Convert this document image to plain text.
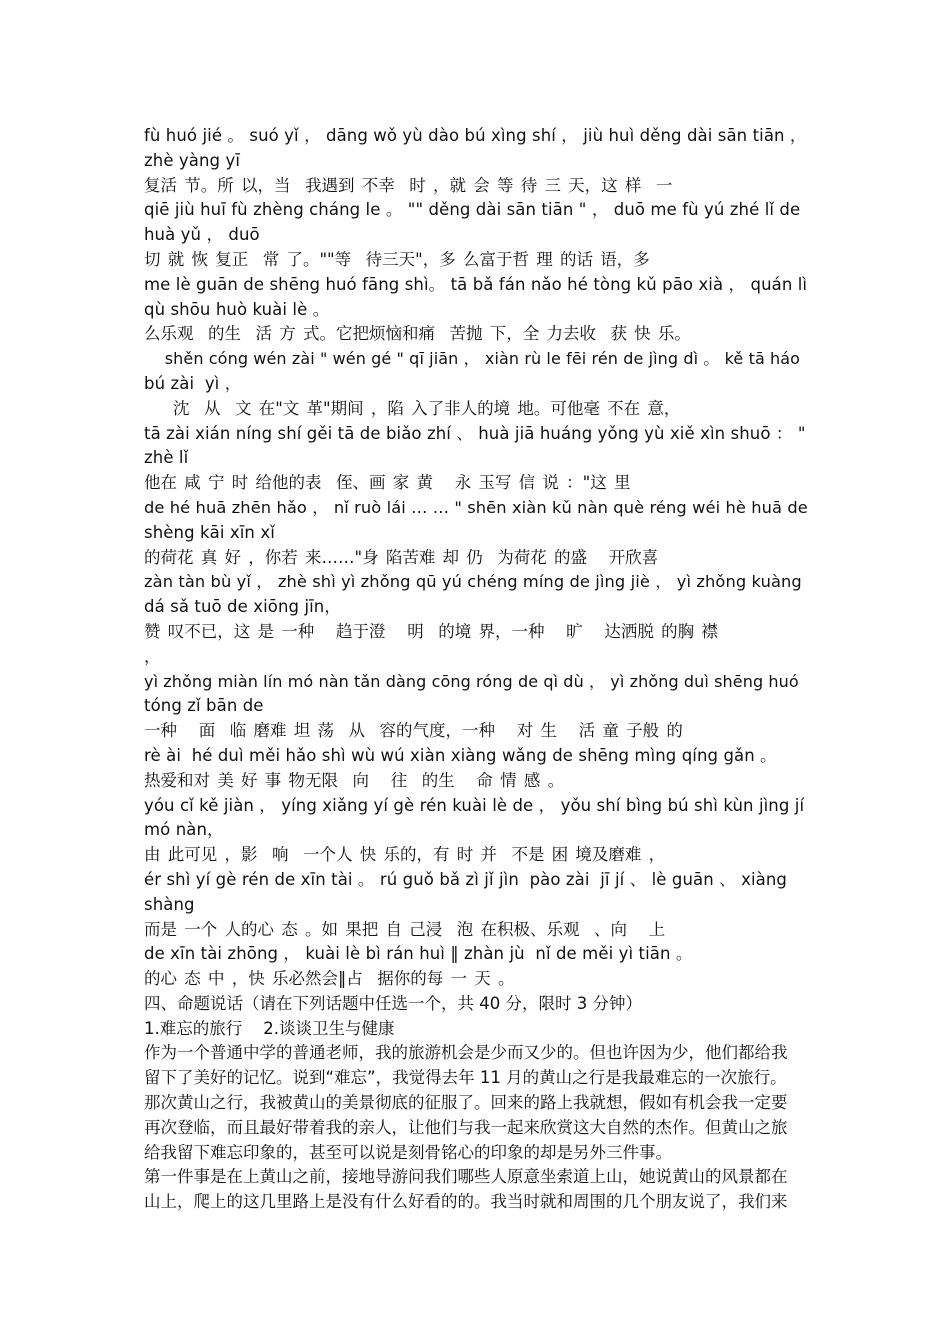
fù huó jié 。 suó yǐ ， dāng wǒ yù dào bú xìng shí ， jiù huì děng dài sān tiān ，
zhè yàng yī
复活 节。所 以，当  我遇到 不幸  时 ，就 会 等 待 三 天，这 样  一
qiē jiù huī fù zhèng cháng le 。 "" děng dài sān tiān " ， duō me fù yú zhé lǐ de
huà yǔ ， duō
切 就 恢 复正  常 了。""等  待三天"，多 么富于哲 理 的话 语，多
me lè guān de shēng huó fāng shì。 tā bǎ fán nǎo hé tòng kǔ pāo xià ， quán lì
qù shōu huò kuài lè 。
么乐观  的生  活 方 式。它把烦恼和痛  苦抛 下，全 力去收  获 快 乐。
shěn cóng wén zài " wén gé " qī jiān ， xiàn rù le fēi rén de jìng dì 。 kě tā háo
bú zài  yì ，
沈  从  文 在"文 革"期间 ，陷 入了非人的境 地。可他毫 不在 意，
tā zài xián níng shí gěi tā de biǎo zhí 、 huà jiā huáng yǒng yù xiě xìn shuō ： "
zhè lǐ
他在 咸 宁 时 给他的表  侄、画 家 黄   永 玉写 信 说 ："这 里
de hé huā zhēn hǎo ， nǐ ruò lái … … " shēn xiàn kǔ nàn què réng wéi hè huā de
shèng kāi xīn xǐ
的荷花 真 好 ，你若 来……"身 陷苦难 却 仍  为荷花 的盛   开欣喜
zàn tàn bù yǐ ， zhè shì yì zhǒng qū yú chéng míng de jìng jiè ， yì zhǒng kuàng
dá sǎ tuō de xiōng jīn，
赞 叹不已，这 是 一种   趋于澄   明  的境 界，一种   旷   达洒脱 的胸 襟
，
yì zhǒng miàn lín mó nàn tǎn dàng cōng róng de qì dù ， yì zhǒng duì shēng huó
tóng zǐ bān de
一种   面  临 磨难 坦 荡  从  容的气度，一种   对 生   活 童 子般 的
rè ài  hé duì měi hǎo shì wù wú xiàn xiàng wǎng de shēng mìng qíng gǎn 。
热爱和对 美 好 事 物无限  向   往  的生   命 情 感 。
yóu cǐ kě jiàn ， yíng xiǎng yí gè rén kuài lè de ， yǒu shí bìng bú shì kùn jìng jí
mó nàn，
由 此可见 ，影  响  一个人 快 乐的，有 时 并  不是 困 境及磨难 ，
ér shì yí gè rén de xīn tài 。 rú guǒ bǎ zì jǐ jìn  pào zài  jī jí 、 lè guān 、 xiàng
shàng
而是 一个 人的心 态 。如 果把 自 己浸  泡 在积极、乐观  、向   上
de xīn tài zhōng ， kuài lè bì rán huì ‖ zhàn jù  nǐ de měi yì tiān 。
的心 态 中 ，快 乐必然会‖占  据你的每 一 天 。
四、命题说话（请在下列话题中任选一个，共 40 分，限时 3 分钟）
1.难忘的旅行    2.谈谈卫生与健康
作为一个普通中学的普通老师，我的旅游机会是少而又少的。但也许因为少，他们都给我
留下了美好的记忆。说到“难忘”，我觉得去年 11 月的黄山之行是我最难忘的一次旅行。
那次黄山之行，我被黄山的美景彻底的征服了。回来的路上我就想，假如有机会我一定要
再次登临，而且最好带着我的亲人，让他们与我一起来欣赏这大自然的杰作。但黄山之旅
给我留下难忘印象的，甚至可以说是刻骨铭心的印象的却是另外三件事。
第一件事是在上黄山之前，接地导游问我们哪些人原意坐索道上山，她说黄山的风景都在
山上，爬上的这几里路上是没有什么好看的的。我当时就和周围的几个朋友说了，我们来
